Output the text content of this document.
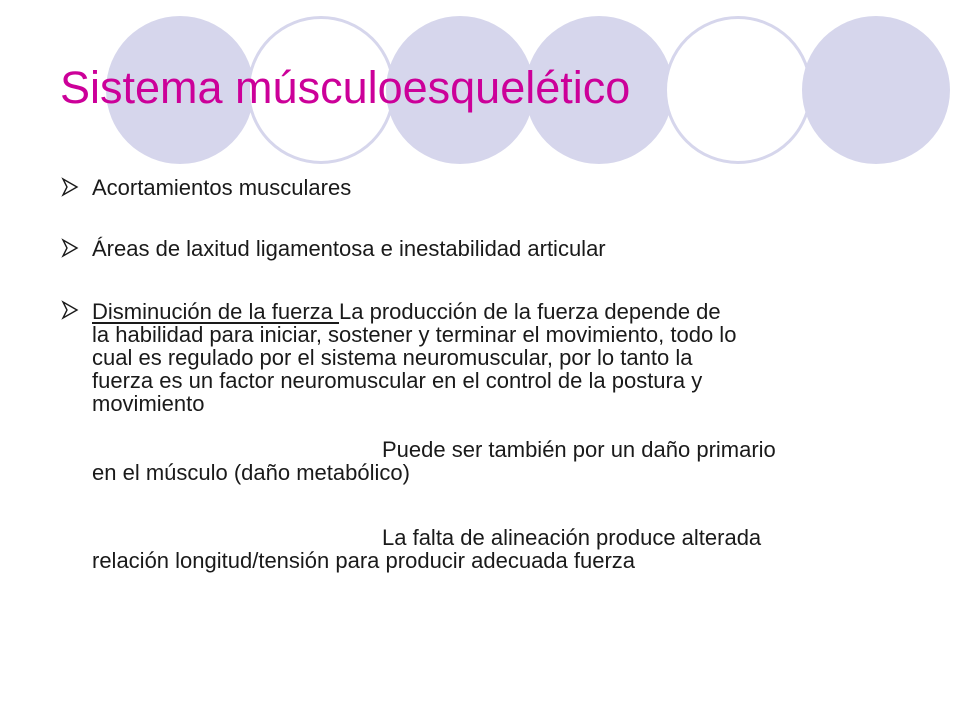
Sistema músculoesquelético
Acortamientos musculares
Áreas de laxitud ligamentosa e inestabilidad articular
Disminución de la fuerza La producción de la fuerza depende de
la habilidad para iniciar, sostener y terminar el movimiento, todo lo
cual es regulado por el sistema neuromuscular, por lo tanto la
fuerza es un factor neuromuscular en el control de la postura y
movimiento
Puede ser también por un daño primario
en el músculo (daño metabólico)
La falta de alineación produce alterada
relación longitud/tensión para producir adecuada fuerza
